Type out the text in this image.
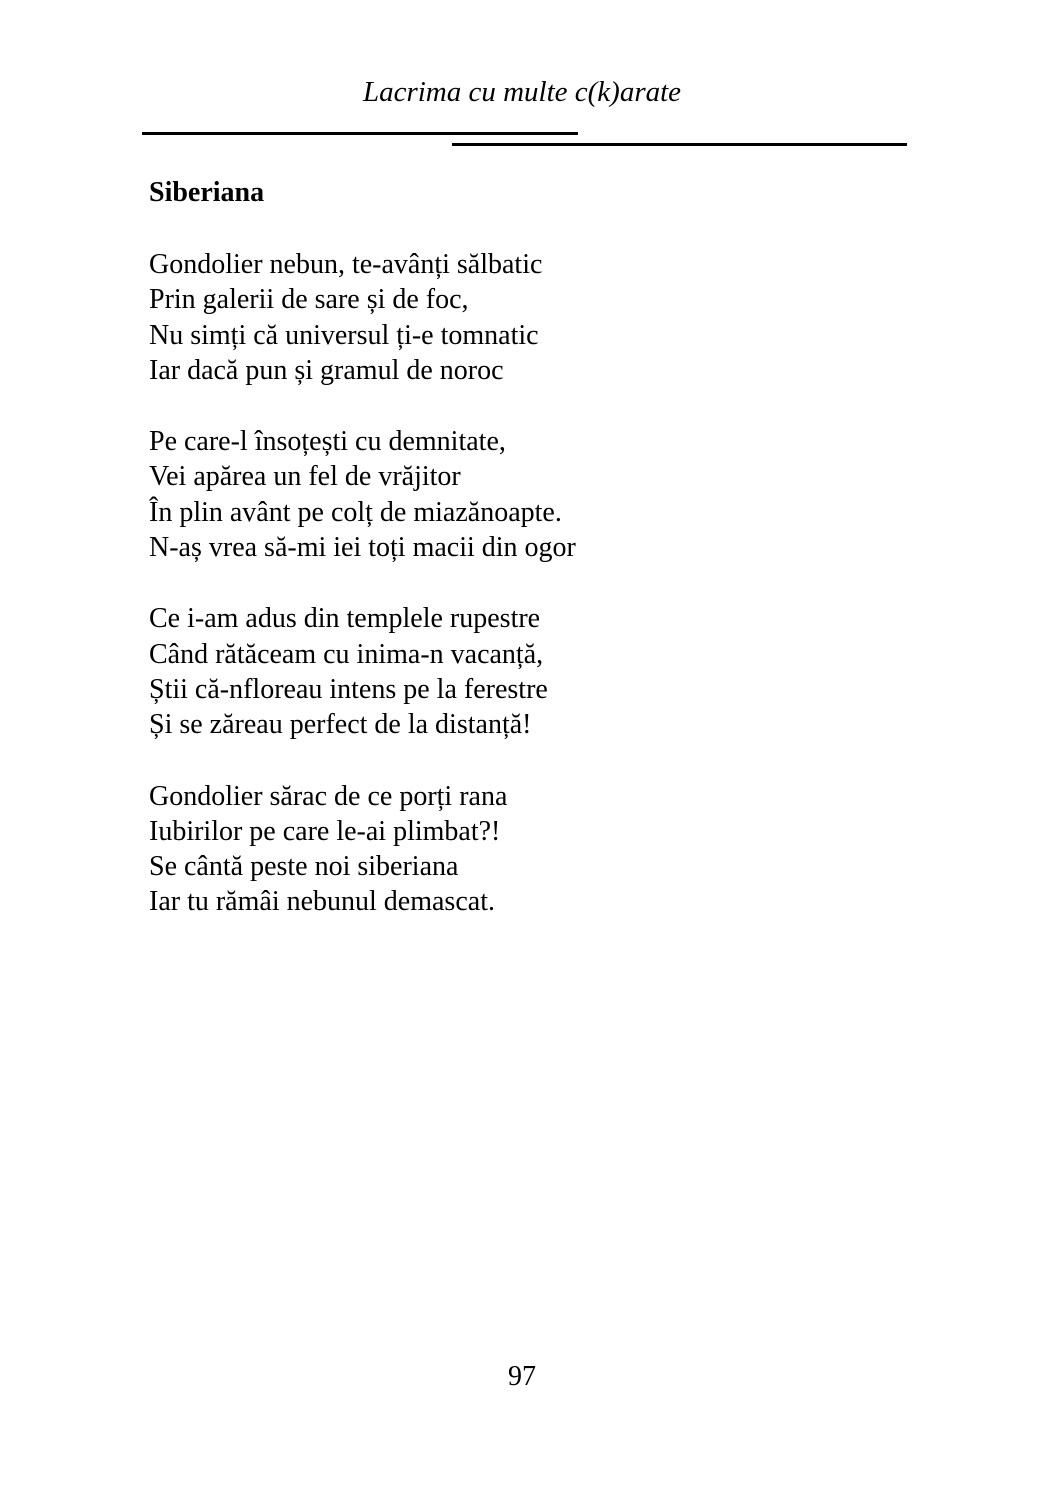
Lacrima cu multe c(k)arate
Siberiana
Gondolier nebun, te-avânți sălbatic
Prin galerii de sare și de foc,
Nu simți că universul ți-e tomnatic
Iar dacă pun și gramul de noroc
Pe care-l însoțești cu demnitate,
Vei apărea un fel de vrăjitor
În plin avânt pe colț de miazănoapte.
N-aș vrea să-mi iei toți macii din ogor
Ce i-am adus din templele rupestre
Când rătăceam cu inima-n vacanță,
Știi că-nfloreau intens pe la ferestre
Și se zăreau perfect de la distanță!
Gondolier sărac de ce porți rana
Iubirilor pe care le-ai plimbat?!
Se cântă peste noi siberiana
Iar tu rămâi nebunul demascat.
97
